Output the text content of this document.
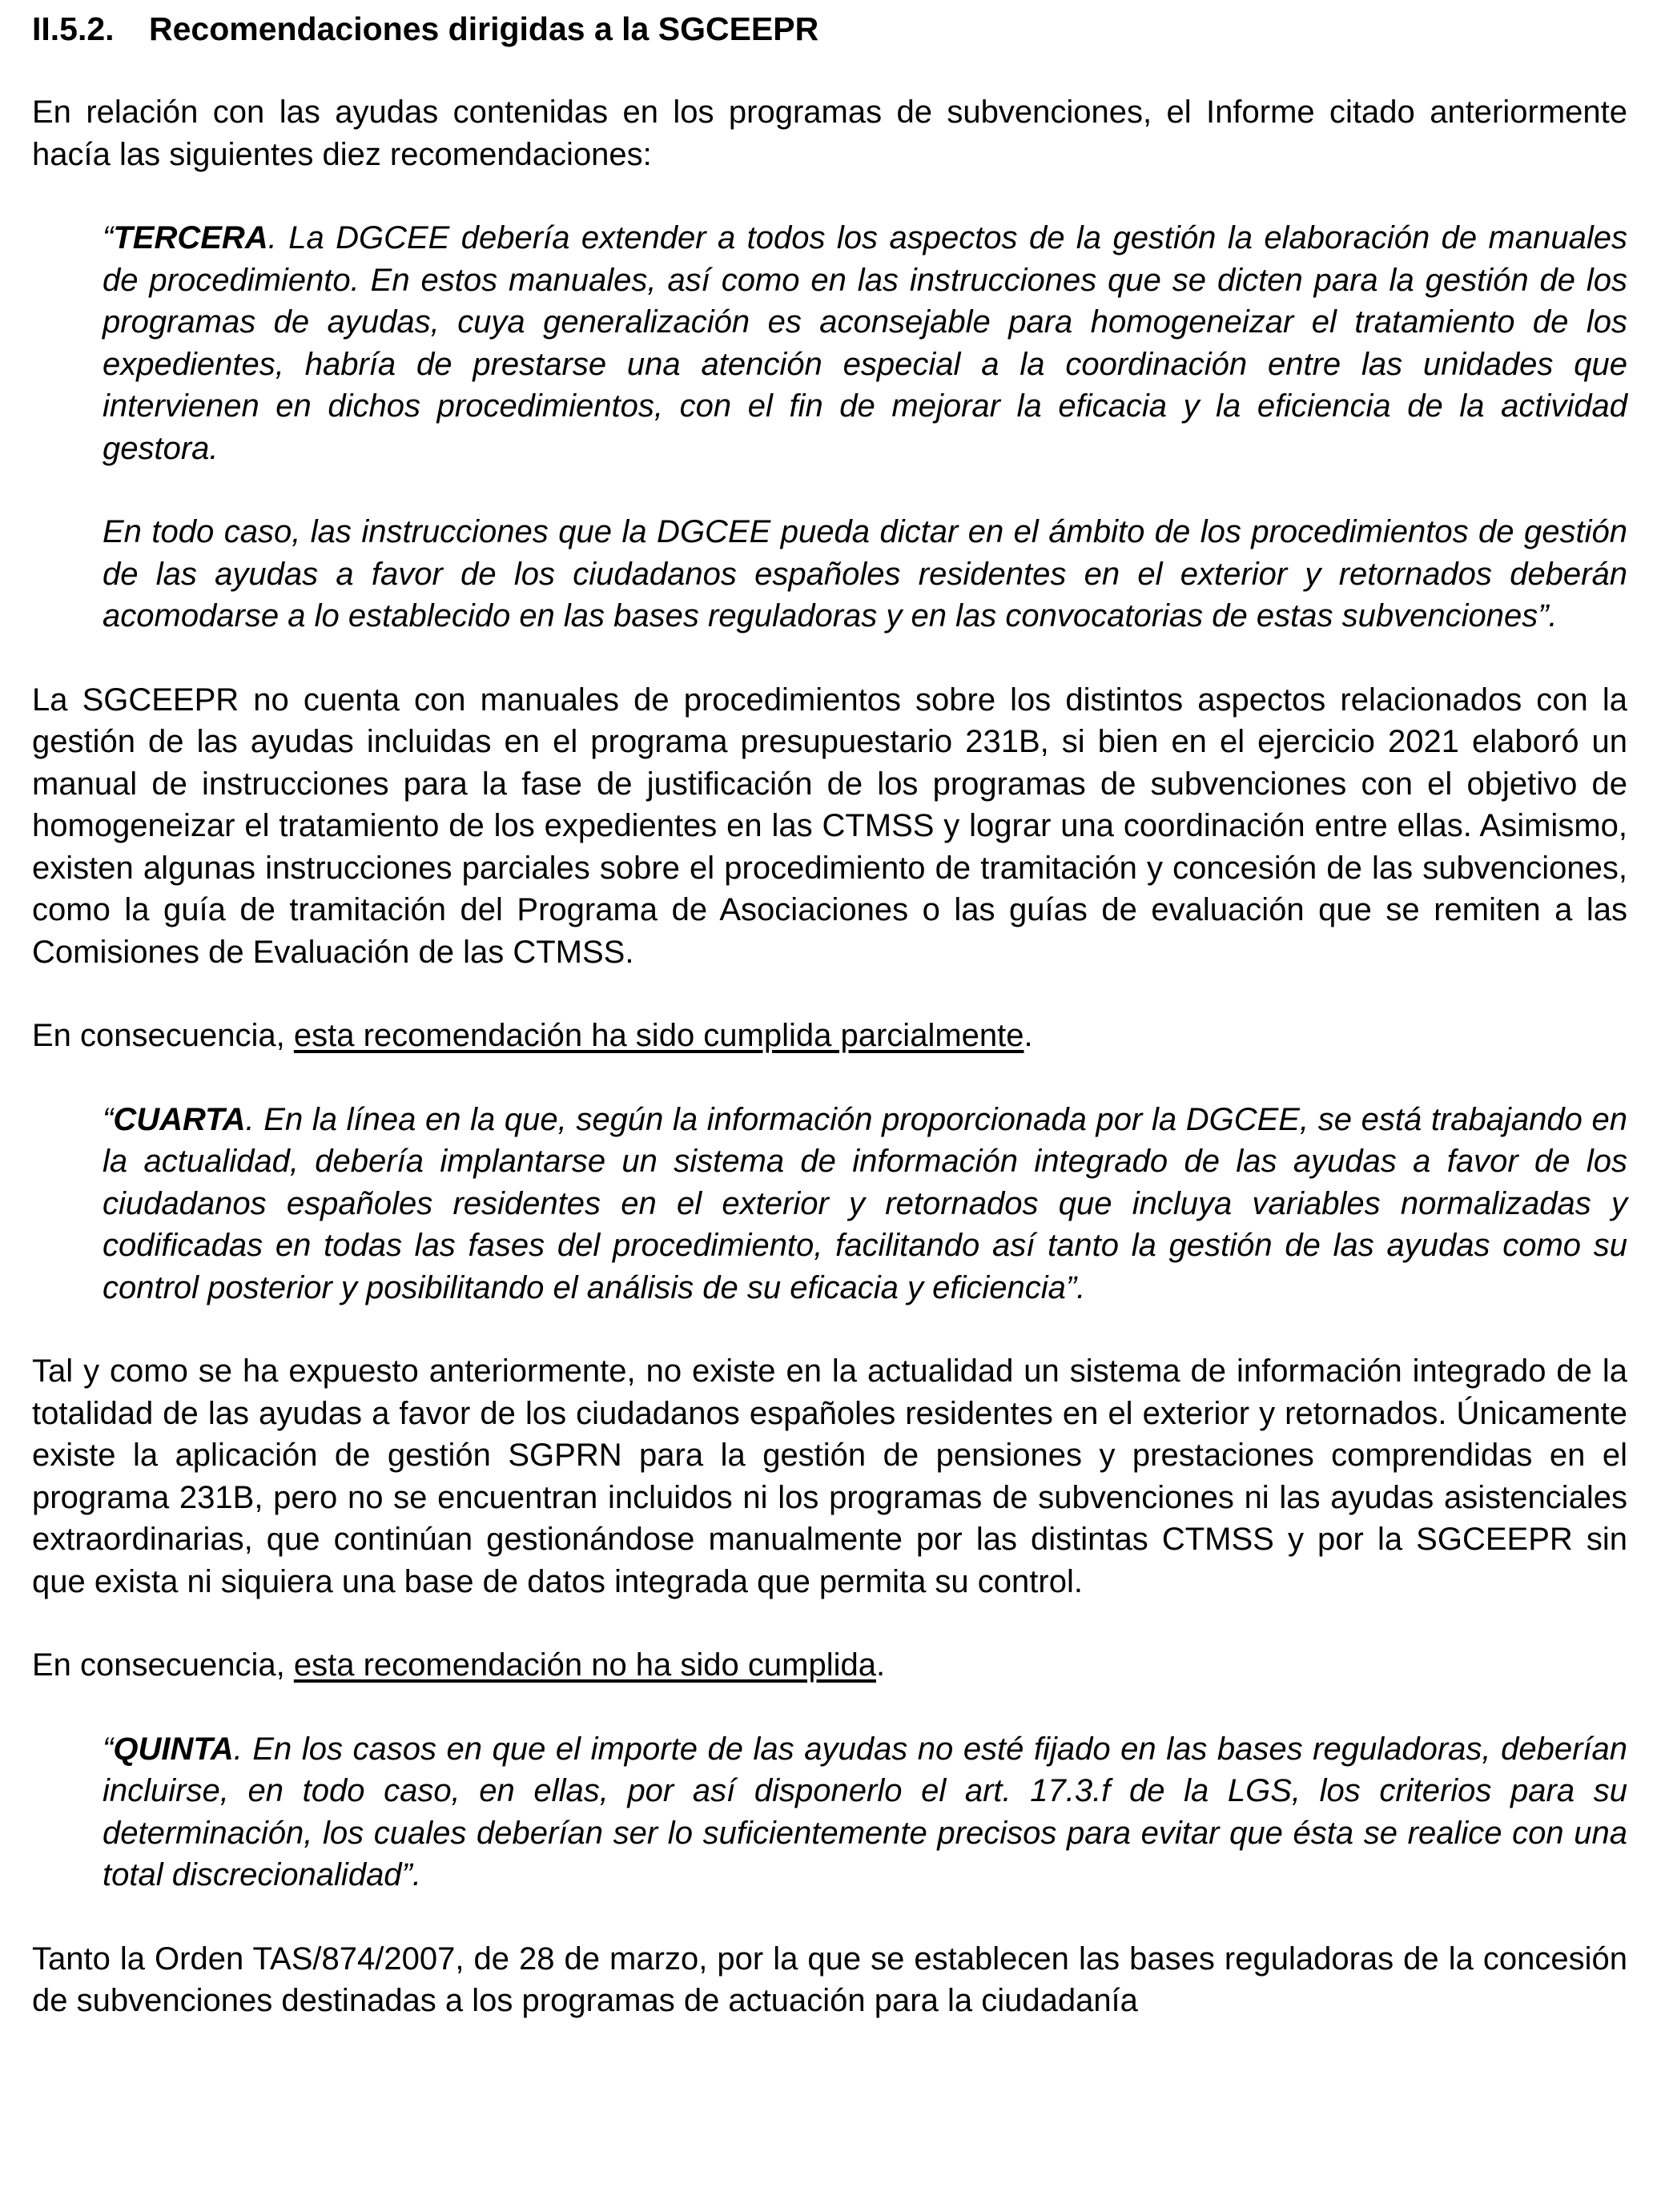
II.5.2. Recomendaciones dirigidas a la SGCEEPR

En relación con las ayudas contenidas en los programas de subvenciones, el Informe citado anteriormente hacía las siguientes diez recomendaciones:

“TERCERA. La DGCEE debería extender a todos los aspectos de la gestión la elaboración de manuales de procedimiento. En estos manuales, así como en las instrucciones que se dicten para la gestión de los programas de ayudas, cuya generalización es aconsejable para homogeneizar el tratamiento de los expedientes, habría de prestarse una atención especial a la coordinación entre las unidades que intervienen en dichos procedimientos, con el fin de mejorar la eficacia y la eficiencia de la actividad gestora.

En todo caso, las instrucciones que la DGCEE pueda dictar en el ámbito de los procedimientos de gestión de las ayudas a favor de los ciudadanos españoles residentes en el exterior y retornados deberán acomodarse a lo establecido en las bases reguladoras y en las convocatorias de estas subvenciones”.

La SGCEEPR no cuenta con manuales de procedimientos sobre los distintos aspectos relacionados con la gestión de las ayudas incluidas en el programa presupuestario 231B, si bien en el ejercicio 2021 elaboró un manual de instrucciones para la fase de justificación de los programas de subvenciones con el objetivo de homogeneizar el tratamiento de los expedientes en las CTMSS y lograr una coordinación entre ellas. Asimismo, existen algunas instrucciones parciales sobre el procedimiento de tramitación y concesión de las subvenciones, como la guía de tramitación del Programa de Asociaciones o las guías de evaluación que se remiten a las Comisiones de Evaluación de las CTMSS.

En consecuencia, esta recomendación ha sido cumplida parcialmente.

“CUARTA. En la línea en la que, según la información proporcionada por la DGCEE, se está trabajando en la actualidad, debería implantarse un sistema de información integrado de las ayudas a favor de los ciudadanos españoles residentes en el exterior y retornados que incluya variables normalizadas y codificadas en todas las fases del procedimiento, facilitando así tanto la gestión de las ayudas como su control posterior y posibilitando el análisis de su eficacia y eficiencia”.

Tal y como se ha expuesto anteriormente, no existe en la actualidad un sistema de información integrado de la totalidad de las ayudas a favor de los ciudadanos españoles residentes en el exterior y retornados. Únicamente existe la aplicación de gestión SGPRN para la gestión de pensiones y prestaciones comprendidas en el programa 231B, pero no se encuentran incluidos ni los programas de subvenciones ni las ayudas asistenciales extraordinarias, que continúan gestionándose manualmente por las distintas CTMSS y por la SGCEEPR sin que exista ni siquiera una base de datos integrada que permita su control.

En consecuencia, esta recomendación no ha sido cumplida.

“QUINTA. En los casos en que el importe de las ayudas no esté fijado en las bases reguladoras, deberían incluirse, en todo caso, en ellas, por así disponerlo el art. 17.3.f de la LGS, los criterios para su determinación, los cuales deberían ser lo suficientemente precisos para evitar que ésta se realice con una total discrecionalidad”.

Tanto la Orden TAS/874/2007, de 28 de marzo, por la que se establecen las bases reguladoras de la concesión de subvenciones destinadas a los programas de actuación para la ciudadanía
